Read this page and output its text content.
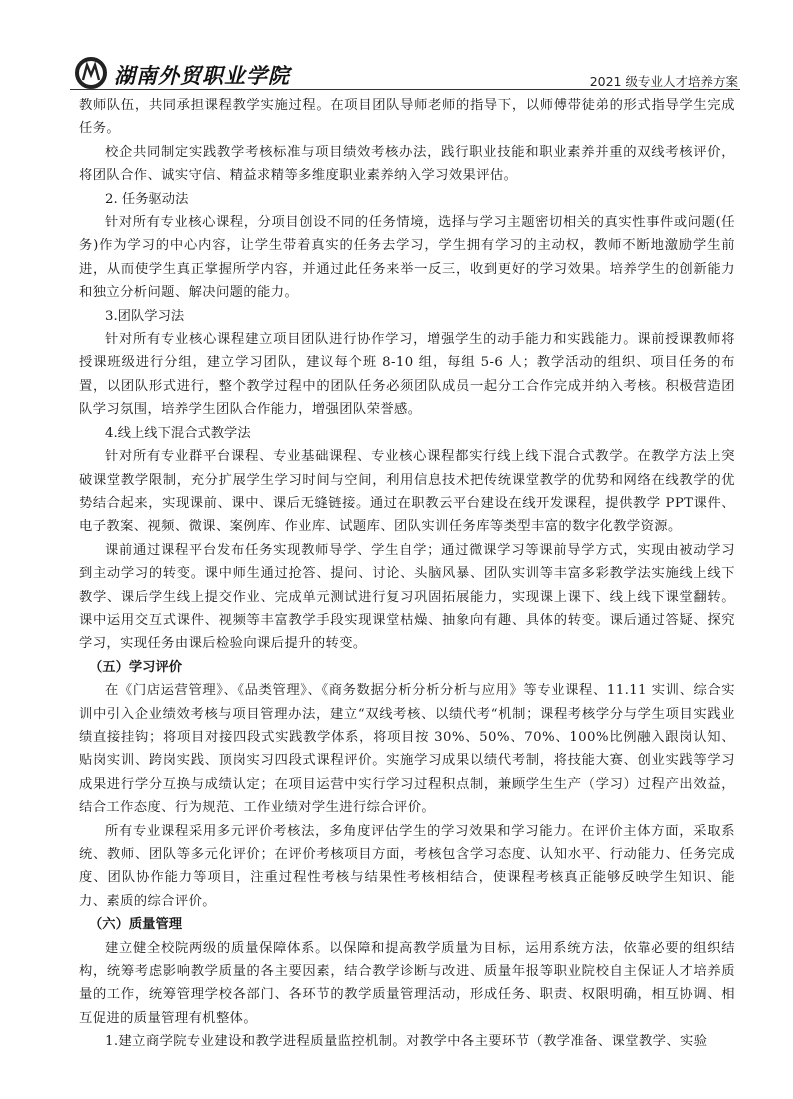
湖南外贸职业学院	2021 级专业人才培养方案

教师队伍，共同承担课程教学实施过程。在项目团队导师老师的指导下，以师傅带徒弟的形式指导学生完成任务。

校企共同制定实践教学考核标准与项目绩效考核办法，践行职业技能和职业素养并重的双线考核评价，将团队合作、诚实守信、精益求精等多维度职业素养纳入学习效果评估。

2. 任务驱动法

针对所有专业核心课程，分项目创设不同的任务情境，选择与学习主题密切相关的真实性事件或问题(任务)作为学习的中心内容，让学生带着真实的任务去学习，学生拥有学习的主动权，教师不断地激励学生前进，从而使学生真正掌握所学内容，并通过此任务来举一反三，收到更好的学习效果。培养学生的创新能力和独立分析问题、解决问题的能力。

3.团队学习法

针对所有专业核心课程建立项目团队进行协作学习，增强学生的动手能力和实践能力。课前授课教师将授课班级进行分组，建立学习团队，建议每个班 8-10 组，每组 5-6 人；教学活动的组织、项目任务的布置，以团队形式进行，整个教学过程中的团队任务必须团队成员一起分工合作完成并纳入考核。积极营造团队学习氛围，培养学生团队合作能力，增强团队荣誉感。

4.线上线下混合式教学法

针对所有专业群平台课程、专业基础课程、专业核心课程都实行线上线下混合式教学。在教学方法上突破课堂教学限制，充分扩展学生学习时间与空间，利用信息技术把传统课堂教学的优势和网络在线教学的优势结合起来，实现课前、课中、课后无缝链接。通过在职教云平台建设在线开发课程，提供教学 PPT课件、电子教案、视频、微课、案例库、作业库、试题库、团队实训任务库等类型丰富的数字化教学资源。

课前通过课程平台发布任务实现教师导学、学生自学；通过微课学习等课前导学方式，实现由被动学习到主动学习的转变。课中师生通过抢答、提问、讨论、头脑风暴、团队实训等丰富多彩教学法实施线上线下教学、课后学生线上提交作业、完成单元测试进行复习巩固拓展能力，实现课上课下、线上线下课堂翻转。课中运用交互式课件、视频等丰富教学手段实现课堂枯燥、抽象向有趣、具体的转变。课后通过答疑、探究学习，实现任务由课后检验向课后提升的转变。

（五）学习评价

在《门店运营管理》、《品类管理》、《商务数据分析分析分析与应用》等专业课程、11.11 实训、综合实训中引入企业绩效考核与项目管理办法，建立“双线考核、以绩代考“机制；课程考核学分与学生项目实践业绩直接挂钩；将项目对接四段式实践教学体系，将项目按 30%、50%、70%、100%比例融入跟岗认知、贴岗实训、跨岗实践、顶岗实习四段式课程评价。实施学习成果以绩代考制，将技能大赛、创业实践等学习成果进行学分互换与成绩认定；在项目运营中实行学习过程积点制，兼顾学生生产（学习）过程产出效益，结合工作态度、行为规范、工作业绩对学生进行综合评价。

所有专业课程采用多元评价考核法，多角度评估学生的学习效果和学习能力。在评价主体方面，采取系统、教师、团队等多元化评价；在评价考核项目方面，考核包含学习态度、认知水平、行动能力、任务完成度、团队协作能力等项目，注重过程性考核与结果性考核相结合，使课程考核真正能够反映学生知识、能力、素质的综合评价。

（六）质量管理

建立健全校院两级的质量保障体系。以保障和提高教学质量为目标，运用系统方法，依靠必要的组织结构，统筹考虑影响教学质量的各主要因素，结合教学诊断与改进、质量年报等职业院校自主保证人才培养质量的工作，统筹管理学校各部门、各环节的教学质量管理活动，形成任务、职责、权限明确，相互协调、相互促进的质量管理有机整体。

1.建立商学院专业建设和教学进程质量监控机制。对教学中各主要环节（教学准备、课堂教学、实验
